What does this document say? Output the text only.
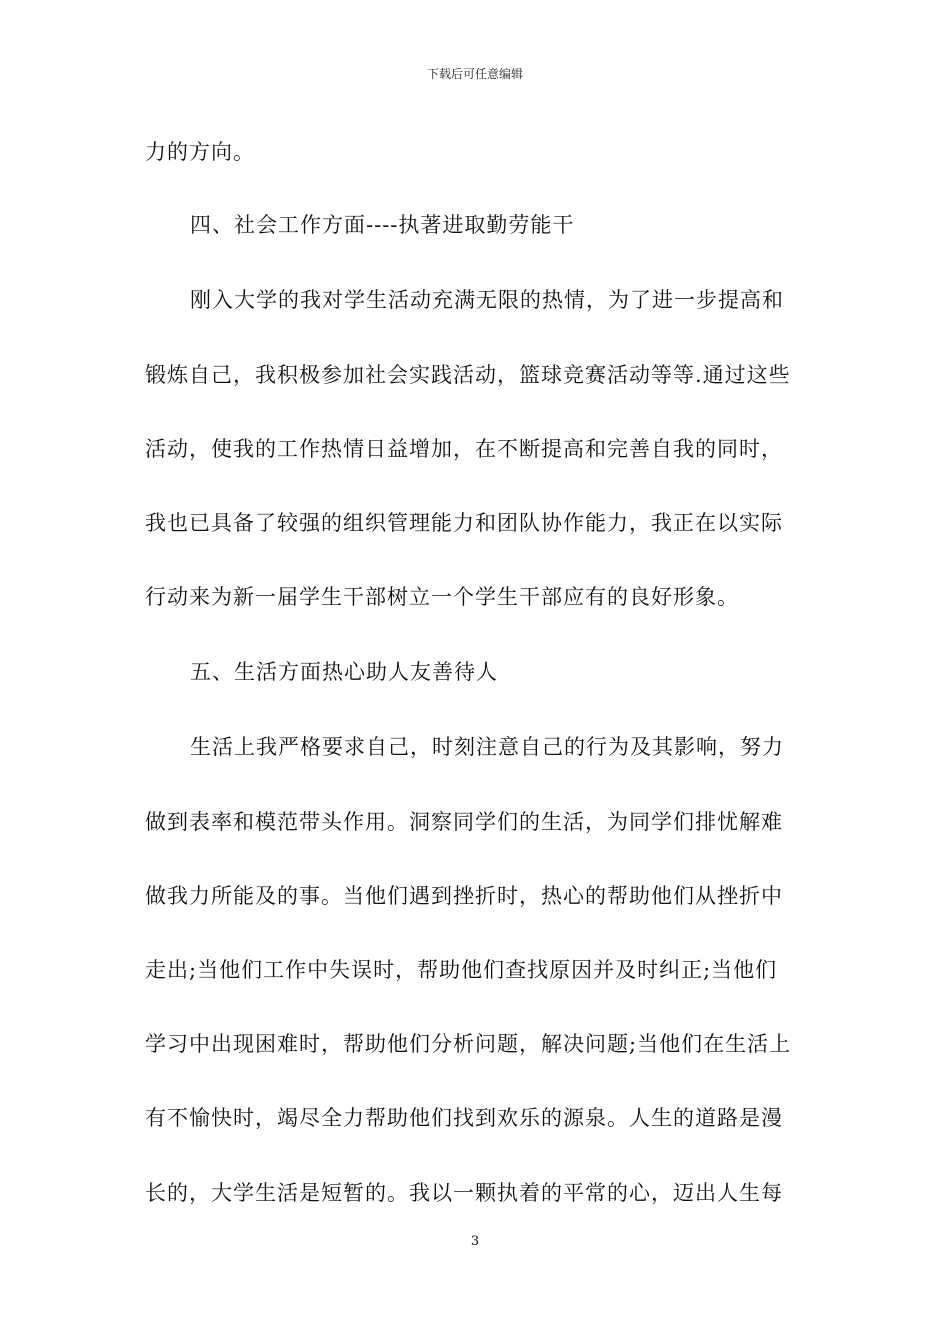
下载后可任意编辑
力的方向。
四、社会工作方面----执著进取勤劳能干
刚入大学的我对学生活动充满无限的热情，为了进一步提高和
锻炼自己，我积极参加社会实践活动，篮球竞赛活动等等.通过这些
活动，使我的工作热情日益增加，在不断提高和完善自我的同时，
我也已具备了较强的组织管理能力和团队协作能力，我正在以实际
行动来为新一届学生干部树立一个学生干部应有的良好形象。
五、生活方面热心助人友善待人
生活上我严格要求自己，时刻注意自己的行为及其影响，努力
做到表率和模范带头作用。洞察同学们的生活，为同学们排忧解难
做我力所能及的事。当他们遇到挫折时，热心的帮助他们从挫折中
走出;当他们工作中失误时，帮助他们查找原因并及时纠正;当他们
学习中出现困难时，帮助他们分析问题，解决问题;当他们在生活上
有不愉快时，竭尽全力帮助他们找到欢乐的源泉。人生的道路是漫
长的，大学生活是短暂的。我以一颗执着的平常的心，迈出人生每
3
